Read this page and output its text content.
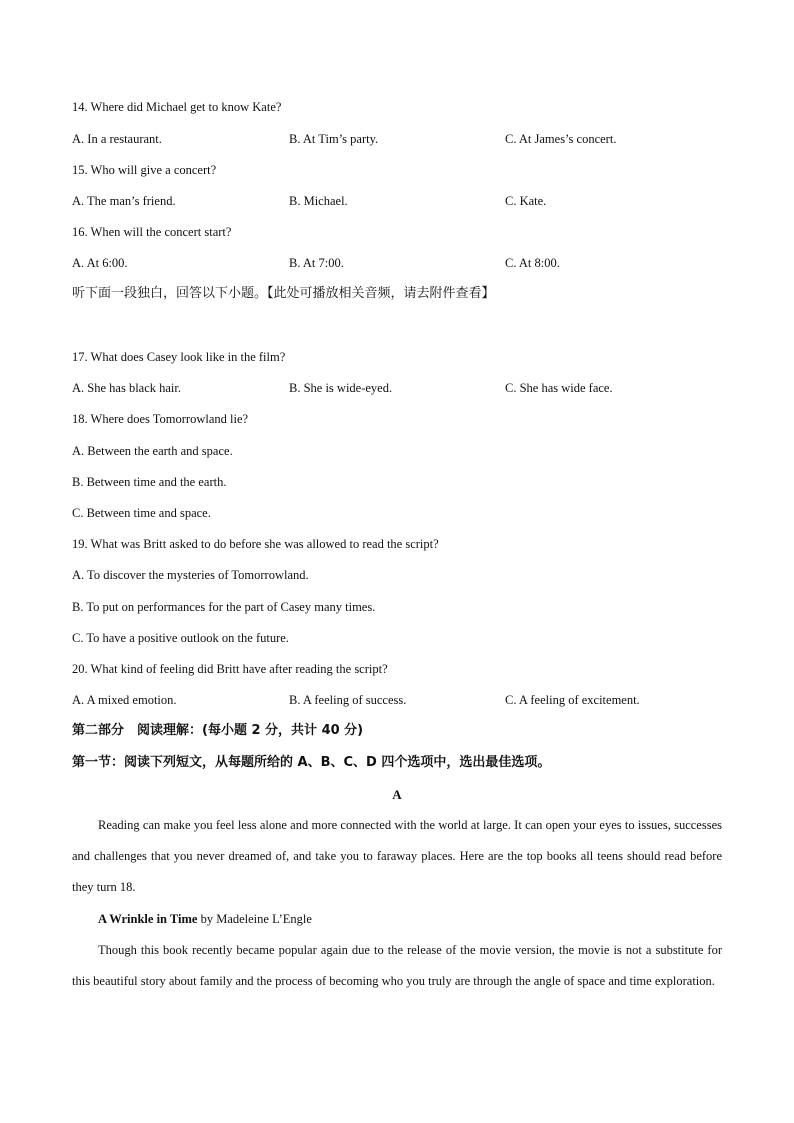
14. Where did Michael get to know Kate?
A. In a restaurant.	B. At Tim’s party.	C. At James’s concert.
15. Who will give a concert?
A. The man’s friend.	B. Michael.	C. Kate.
16. When will the concert start?
A. At 6:00.	B. At 7:00.	C. At 8:00.
听下面一段独白，回答以下小题。【此处可播放相关音频，请去附件查看】
17. What does Casey look like in the film?
A. She has black hair.	B. She is wide-eyed.	C. She has wide face.
18. Where does Tomorrowland lie?
A. Between the earth and space.
B. Between time and the earth.
C. Between time and space.
19. What was Britt asked to do before she was allowed to read the script?
A. To discover the mysteries of Tomorrowland.
B. To put on performances for the part of Casey many times.
C. To have a positive outlook on the future.
20. What kind of feeling did Britt have after reading the script?
A. A mixed emotion.	B. A feeling of success.	C. A feeling of excitement.
第二部分　阅读理解：(每小题 2 分，共计 40 分)
第一节：阅读下列短文，从每题所给的 A、B、C、D 四个选项中，选出最佳选项。
A
Reading can make you feel less alone and more connected with the world at large. It can open your eyes to issues, successes and challenges that you never dreamed of, and take you to faraway places. Here are the top books all teens should read before they turn 18.
A Wrinkle in Time by Madeleine L’Engle
Though this book recently became popular again due to the release of the movie version, the movie is not a substitute for this beautiful story about family and the process of becoming who you truly are through the angle of space and time exploration.
